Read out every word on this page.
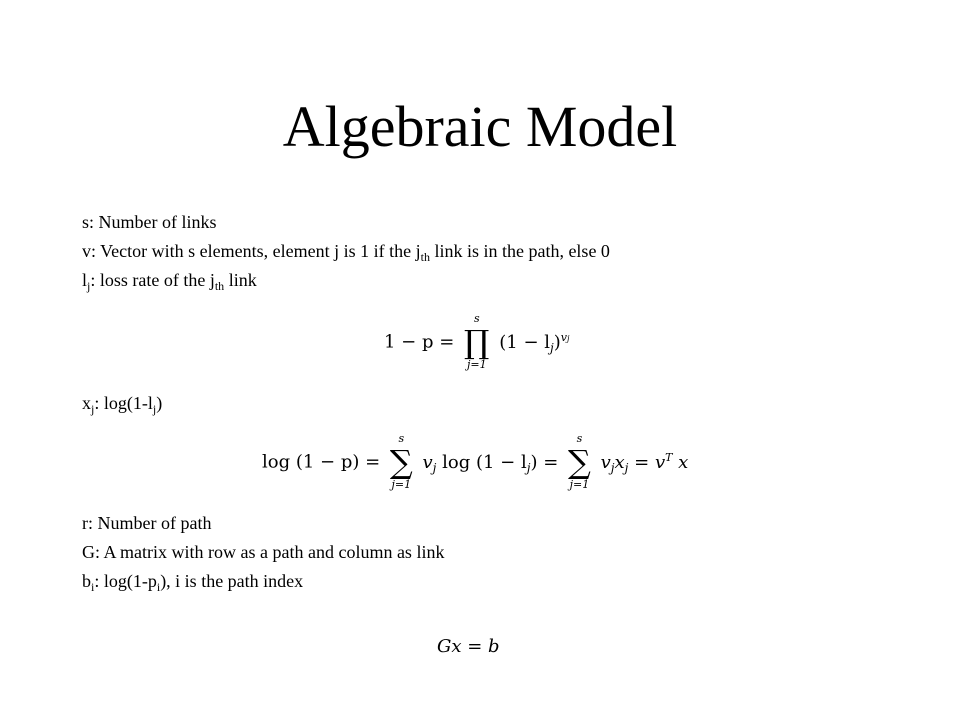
Algebraic Model
s: Number of links
v: Vector with s elements, element j is 1 if the $j_{th}$ link is in the path, else 0
$l_j$: loss rate of the $j_{th}$ link
1 − p =
s
∏
j=1
$(1 - l_j)^{vj}$
$x_j$: $\log(1-l_j)$
log (1 − p) =
s
∑
j=1
$v_j$ $\log (1 - l_j)$ =
s
∑
j=1
$v_jx_j = v^T$ x
r: Number of path
G: A matrix with row as a path and column as link
$b_i$: $\log(1-p_i)$, i is the path index
Gx = b
